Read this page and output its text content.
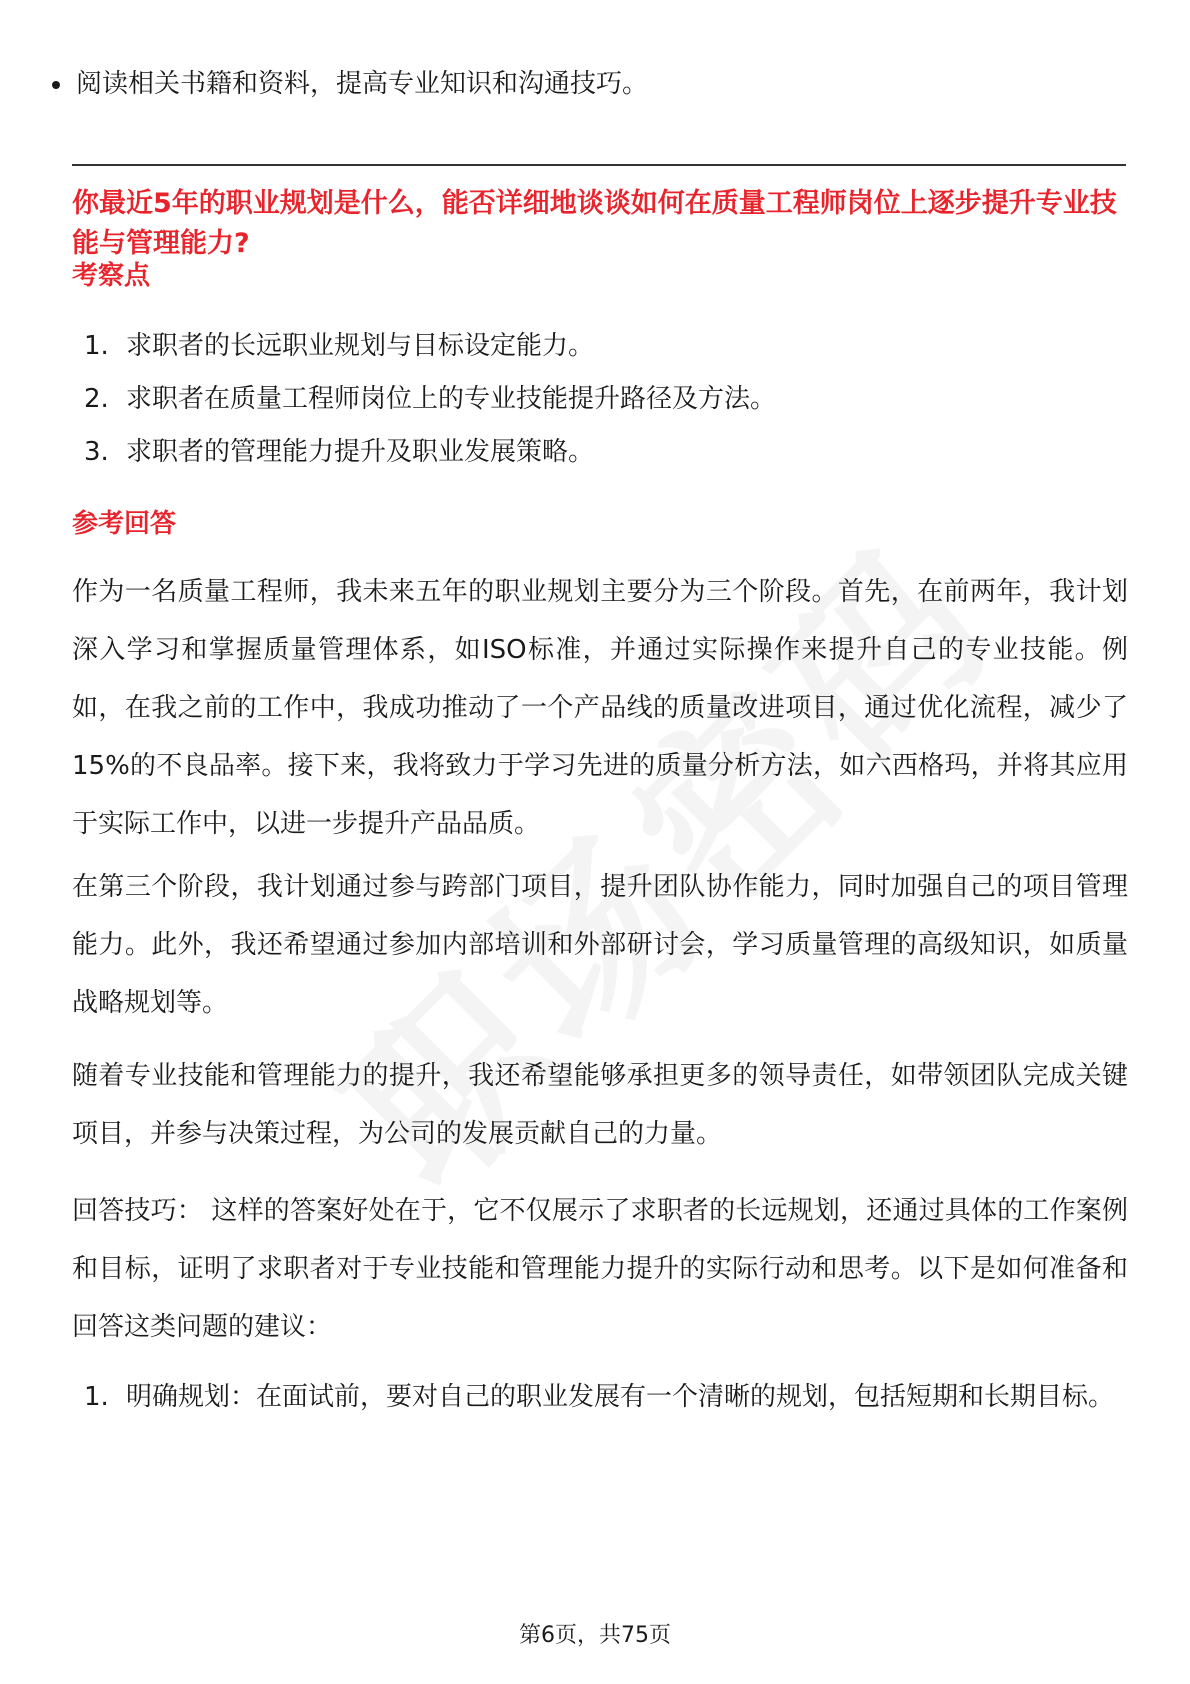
阅读相关书籍和资料，提高专业知识和沟通技巧。

你最近5年的职业规划是什么，能否详细地谈谈如何在质量工程师岗位上逐步提升专业技能与管理能力?

考察点

1. 求职者的长远职业规划与目标设定能力。
2. 求职者在质量工程师岗位上的专业技能提升路径及方法。
3. 求职者的管理能力提升及职业发展策略。

参考回答

作为一名质量工程师，我未来五年的职业规划主要分为三个阶段。首先，在前两年，我计划深入学习和掌握质量管理体系，如ISO标准，并通过实际操作来提升自己的专业技能。例如，在我之前的工作中，我成功推动了一个产品线的质量改进项目，通过优化流程，减少了15%的不良品率。接下来，我将致力于学习先进的质量分析方法，如六西格玛，并将其应用于实际工作中，以进一步提升产品品质。

在第三个阶段，我计划通过参与跨部门项目，提升团队协作能力，同时加强自己的项目管理能力。此外，我还希望通过参加内部培训和外部研讨会，学习质量管理的高级知识，如质量战略规划等。

随着专业技能和管理能力的提升，我还希望能够承担更多的领导责任，如带领团队完成关键项目，并参与决策过程，为公司的发展贡献自己的力量。

回答技巧： 这样的答案好处在于，它不仅展示了求职者的长远规划，还通过具体的工作案例和目标，证明了求职者对于专业技能和管理能力提升的实际行动和思考。以下是如何准备和回答这类问题的建议：

1. 明确规划：在面试前，要对自己的职业发展有一个清晰的规划，包括短期和长期目标。
第6页，共75页
